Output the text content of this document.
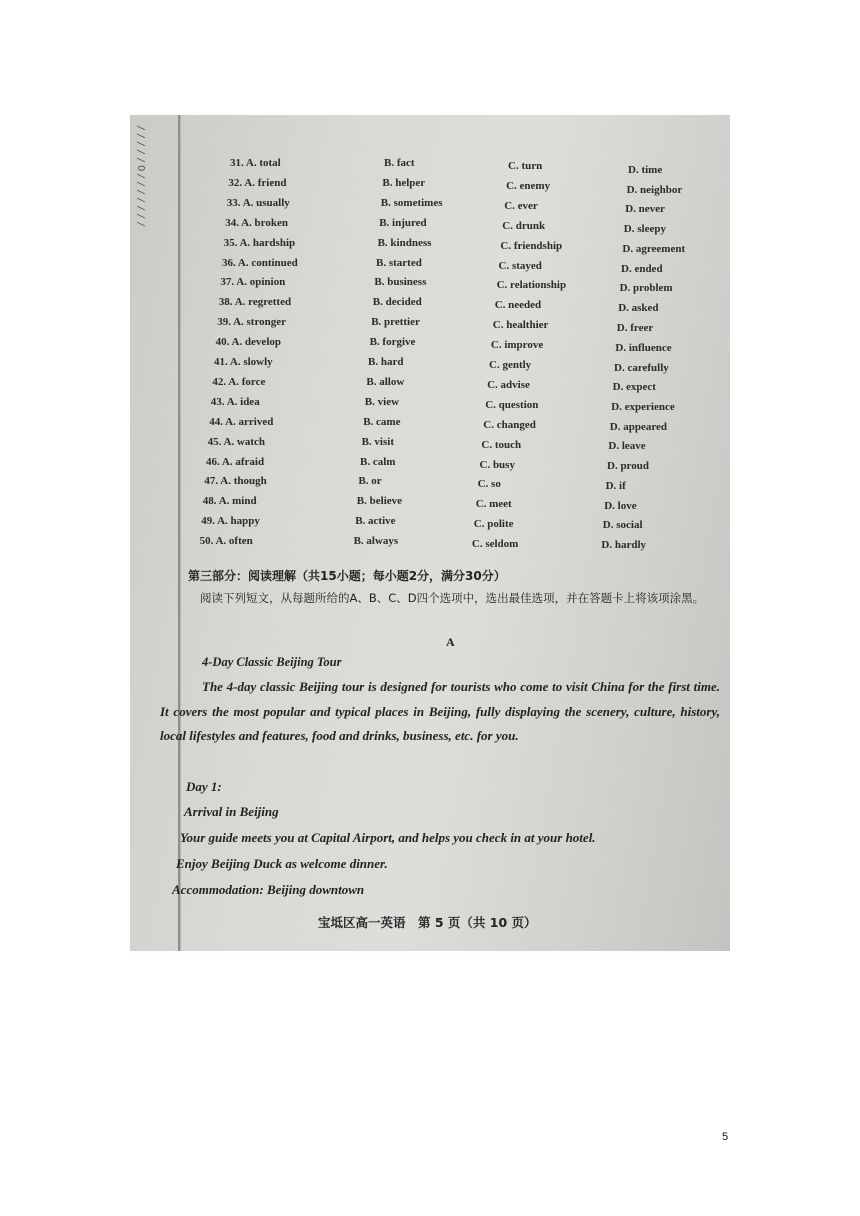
/////O///////	31. A. total	B. fact	C. turn	D. time
32. A. friend	B. helper	C. enemy	D. neighbor
33. A. usually	B. sometimes	C. ever	D. never
34. A. broken	B. injured	C. drunk	D. sleepy
35. A. hardship	B. kindness	C. friendship	D. agreement
36. A. continued	B. started	C. stayed	D. ended
37. A. opinion	B. business	C. relationship	D. problem
38. A. regretted	B. decided	C. needed	D. asked
39. A. stronger	B. prettier	C. healthier	D. freer
40. A. develop	B. forgive	C. improve	D. influence
41. A. slowly	B. hard	C. gently	D. carefully
42. A. force	B. allow	C. advise	D. expect
43. A. idea	B. view	C. question	D. experience
44. A. arrived	B. came	C. changed	D. appeared
45. A. watch	B. visit	C. touch	D. leave
46. A. afraid	B. calm	C. busy	D. proud
47. A. though	B. or	C. so	D. if
48. A. mind	B. believe	C. meet	D. love
49. A. happy	B. active	C. polite	D. social
50. A. often	B. always	C. seldom	D. hardly
第三部分：阅读理解（共15小题；每小题2分，满分30分）
阅读下列短文，从每题所给的A、B、C、D四个选项中，选出最佳选项，并在答题卡上将该项涂黑。
A
4-Day Classic Beijing Tour

The 4-day classic Beijing tour is designed for tourists who come to visit China for the first time. It covers the most popular and typical places in Beijing, fully displaying the scenery, culture, history, local lifestyles and features, food and drinks, business, etc. for you.

Day 1:
Arrival in Beijing
Your guide meets you at Capital Airport, and helps you check in at your hotel.
Enjoy Beijing Duck as welcome dinner.
Accommodation: Beijing downtown
宝坻区高一英语　第 5 页（共 10 页）
5
